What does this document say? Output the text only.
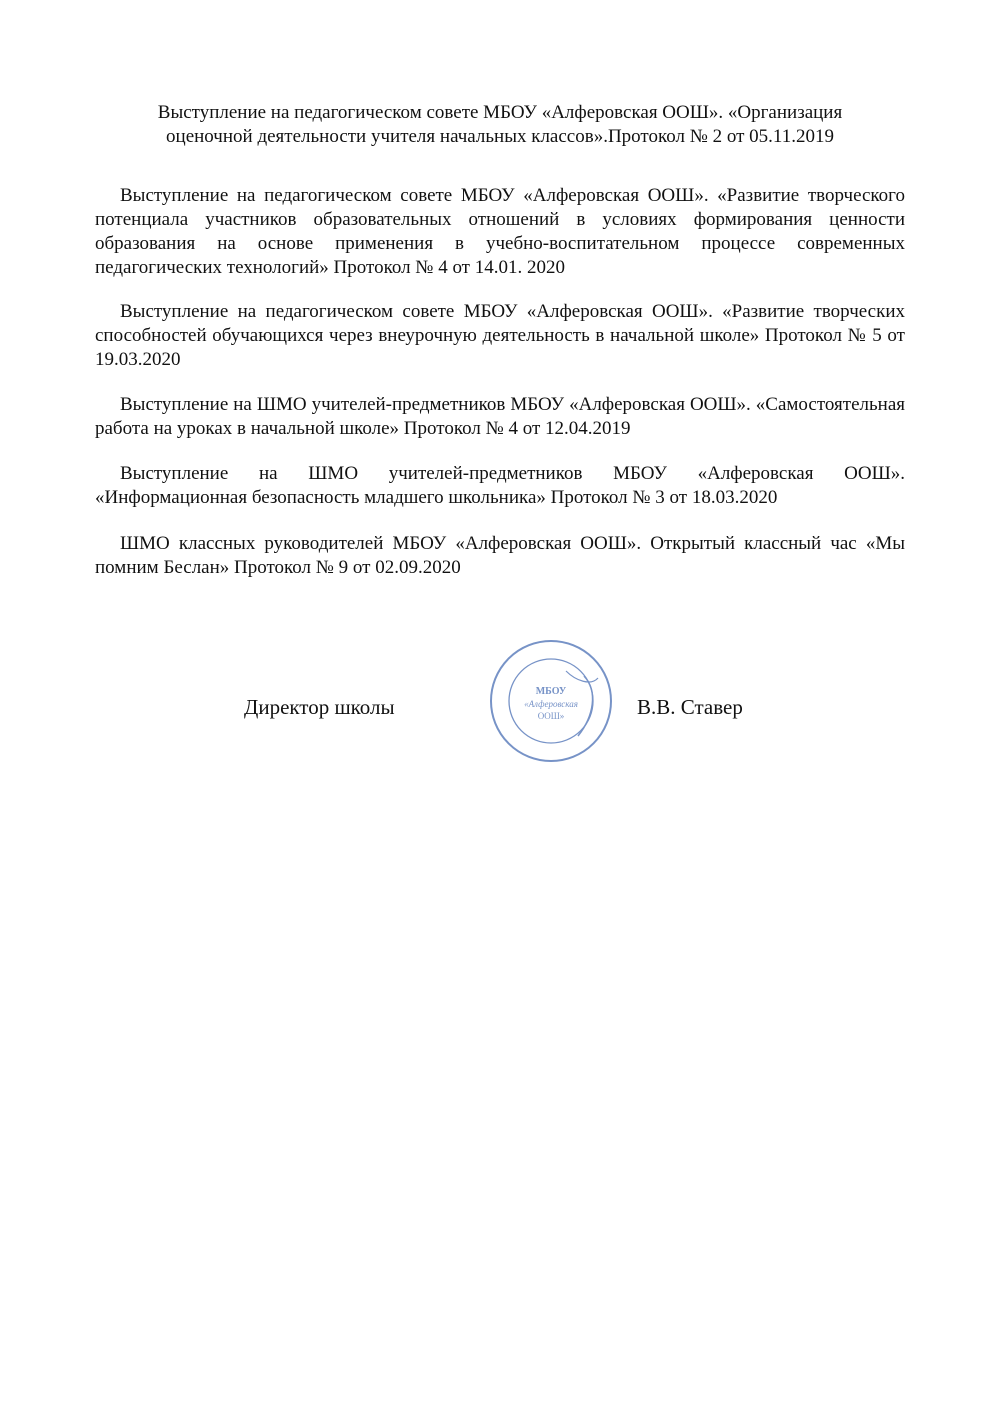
Выступление на педагогическом совете МБОУ «Алферовская ООШ». «Организация оценочной деятельности учителя начальных классов».Протокол № 2 от 05.11.2019

Выступление на педагогическом совете МБОУ «Алферовская ООШ». «Развитие творческого потенциала участников образовательных отношений в условиях формирования ценности образования на основе применения в учебно-воспитательном процессе современных педагогических технологий» Протокол № 4 от 14.01. 2020

Выступление на педагогическом совете МБОУ «Алферовская ООШ». «Развитие творческих способностей обучающихся через внеурочную деятельность в начальной школе» Протокол № 5 от 19.03.2020

Выступление на ШМО учителей-предметников МБОУ «Алферовская ООШ». «Самостоятельная работа на уроках в начальной школе» Протокол № 4 от 12.04.2019

Выступление на ШМО учителей-предметников МБОУ «Алферовская ООШ». «Информационная безопасность младшего школьника» Протокол № 3 от 18.03.2020

ШМО классных руководителей МБОУ «Алферовская ООШ». Открытый классный час «Мы помним Беслан» Протокол № 9 от 02.09.2020

Директор школы
МБОУ
«Алферовская
ООШ»	В.В. Ставер
